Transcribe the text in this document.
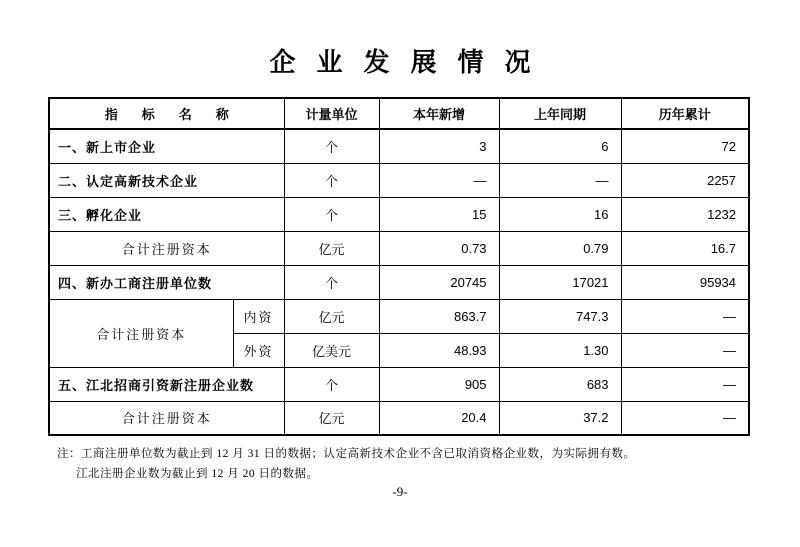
企业发展情况
指标名称		计量单位	本年新增	上年同期	历年累计
一、新上市企业		个	3	6	72
二、认定高新技术企业		个	—	—	2257
三、孵化企业		个	15	16	1232
合计注册资本		亿元	0.73	0.79	16.7
四、新办工商注册单位数		个	20745	17021	95934
合计注册资本	内资	亿元	863.7	747.3	—
	外资	亿美元	48.93	1.30	—
五、江北招商引资新注册企业数		个	905	683	—
合计注册资本		亿元	20.4	37.2	—
注：工商注册单位数为截止到 12 月 31 日的数据；认定高新技术企业不含已取消资格企业数，为实际拥有数。
江北注册企业数为截止到 12 月 20 日的数据。
-9-
